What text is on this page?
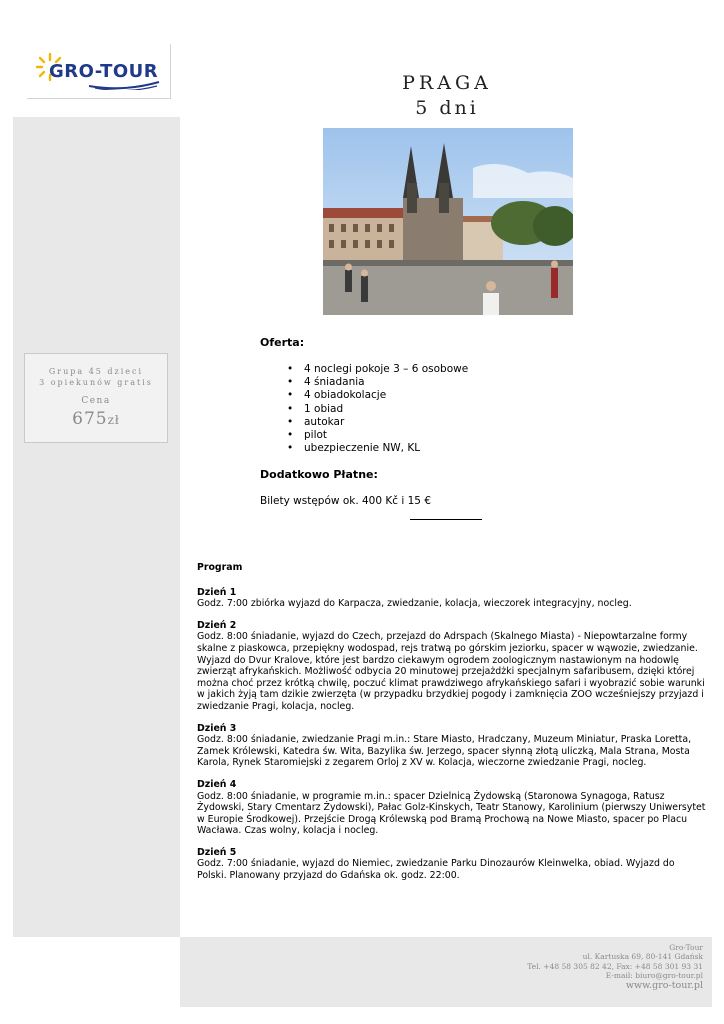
GRO-TOUR
Grupa 45 dzieci
3 opiekunów gratis
Cena
675zł
PRAGA
5 dni
Oferta:
• 4 noclegi pokoje 3 – 6 osobowe
• 4 śniadania
• 4 obiadokolacje
• 1 obiad
• autokar
• pilot
• ubezpieczenie NW, KL
Dodatkowo Płatne:
Bilety wstępów ok. 400 Kč i 15 €

Program

Dzień 1

Godz. 7:00 zbiórka wyjazd do Karpacza, zwiedzanie, kolacja, wieczorek integracyjny, nocleg.

Dzień 2

Godz. 8:00 śniadanie, wyjazd do Czech, przejazd do Adrspach (Skalnego Miasta) - Niepowtarzalne formy skalne z piaskowca, przepiękny wodospad, rejs tratwą po górskim jeziorku, spacer w wąwozie, zwiedzanie. Wyjazd do Dvur Kralove, które jest bardzo ciekawym ogrodem zoologicznym nastawionym na hodowlę zwierząt afrykańskich. Możliwość odbycia 20 minutowej przejażdżki specjalnym safaribusem, dzięki której można choć przez krótką chwilę, poczuć klimat prawdziwego afrykańskiego safari i wyobrazić sobie warunki w jakich żyją tam dzikie zwierzęta (w przypadku brzydkiej pogody i zamknięcia ZOO wcześniejszy przyjazd i zwiedzanie Pragi, kolacja, nocleg.

Dzień 3

Godz. 8:00 śniadanie, zwiedzanie Pragi m.in.: Stare Miasto, Hradczany, Muzeum Miniatur, Praska Loretta, Zamek Królewski, Katedra św. Wita, Bazylika św. Jerzego, spacer słynną złotą uliczką, Mala Strana, Mosta Karola, Rynek Staromiejski z zegarem Orloj z XV w. Kolacja, wieczorne zwiedzanie Pragi, nocleg.

Dzień 4

Godz. 8:00 śniadanie, w programie m.in.: spacer Dzielnicą Żydowską (Staronowa Synagoga, Ratusz Żydowski, Stary Cmentarz Żydowski), Pałac Golz-Kinskych, Teatr Stanowy, Karolinium (pierwszy Uniwersytet w Europie Środkowej). Przejście Drogą Królewską pod Bramą Prochową na Nowe Miasto, spacer po Placu Wacława. Czas wolny, kolacja i nocleg.

Dzień 5

Godz. 7:00 śniadanie, wyjazd do Niemiec, zwiedzanie Parku Dinozaurów Kleinwelka, obiad. Wyjazd do Polski. Planowany przyjazd do Gdańska ok. godz. 22:00.

Gro-Tour
ul. Kartuska 69, 80-141 Gdańsk
Tel. +48 58 305 82 42, Fax: +48 58 301 93 31
E-mail: biuro@gro-tour.pl
www.gro-tour.pl
